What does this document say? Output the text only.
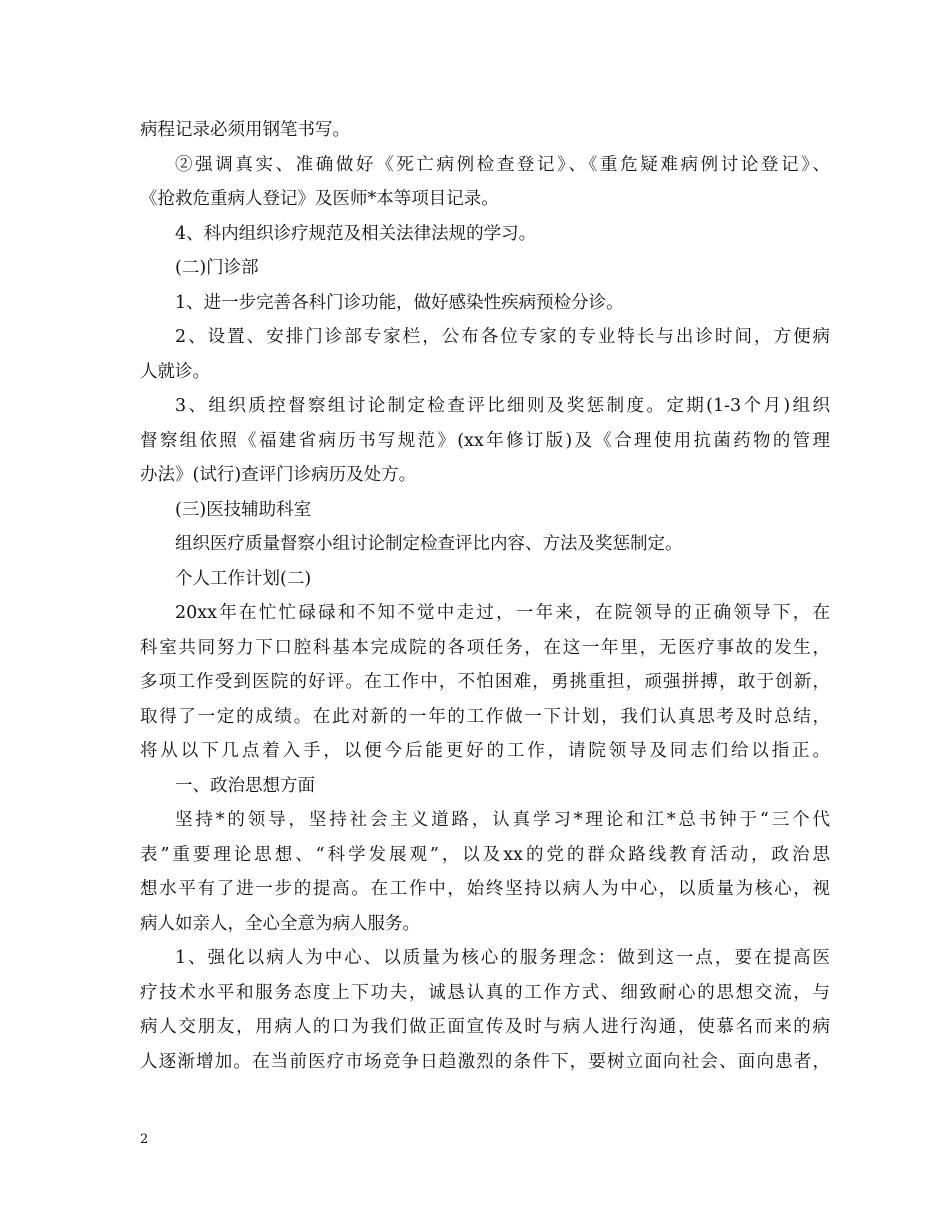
病程记录必须用钢笔书写。
②强调真实、准确做好《死亡病例检查登记》、《重危疑难病例讨论登记》、
《抢救危重病人登记》及医师*本等项目记录。
4、科内组织诊疗规范及相关法律法规的学习。
(二)门诊部
1、进一步完善各科门诊功能，做好感染性疾病预检分诊。
2、设置、安排门诊部专家栏，公布各位专家的专业特长与出诊时间，方便病
人就诊。
3、组织质控督察组讨论制定检查评比细则及奖惩制度。定期(1-3个月)组织
督察组依照《福建省病历书写规范》(xx年修订版)及《合理使用抗菌药物的管理
办法》(试行)查评门诊病历及处方。
(三)医技辅助科室
组织医疗质量督察小组讨论制定检查评比内容、方法及奖惩制定。
个人工作计划(二)
20xx年在忙忙碌碌和不知不觉中走过，一年来，在院领导的正确领导下，在
科室共同努力下口腔科基本完成院的各项任务，在这一年里，无医疗事故的发生，
多项工作受到医院的好评。在工作中，不怕困难，勇挑重担，顽强拼搏，敢于创新，
取得了一定的成绩。在此对新的一年的工作做一下计划，我们认真思考及时总结，
将从以下几点着入手，以便今后能更好的工作，请院领导及同志们给以指正。
一、政治思想方面
坚持*的领导，坚持社会主义道路，认真学习*理论和江*总书钟于“三个代
表”重要理论思想、“科学发展观”，以及xx的党的群众路线教育活动，政治思
想水平有了进一步的提高。在工作中，始终坚持以病人为中心，以质量为核心，视
病人如亲人，全心全意为病人服务。
1、强化以病人为中心、以质量为核心的服务理念：做到这一点，要在提高医
疗技术水平和服务态度上下功夫，诚恳认真的工作方式、细致耐心的思想交流，与
病人交朋友，用病人的口为我们做正面宣传及时与病人进行沟通，使慕名而来的病
人逐渐增加。在当前医疗市场竞争日趋激烈的条件下，要树立面向社会、面向患者，
2
